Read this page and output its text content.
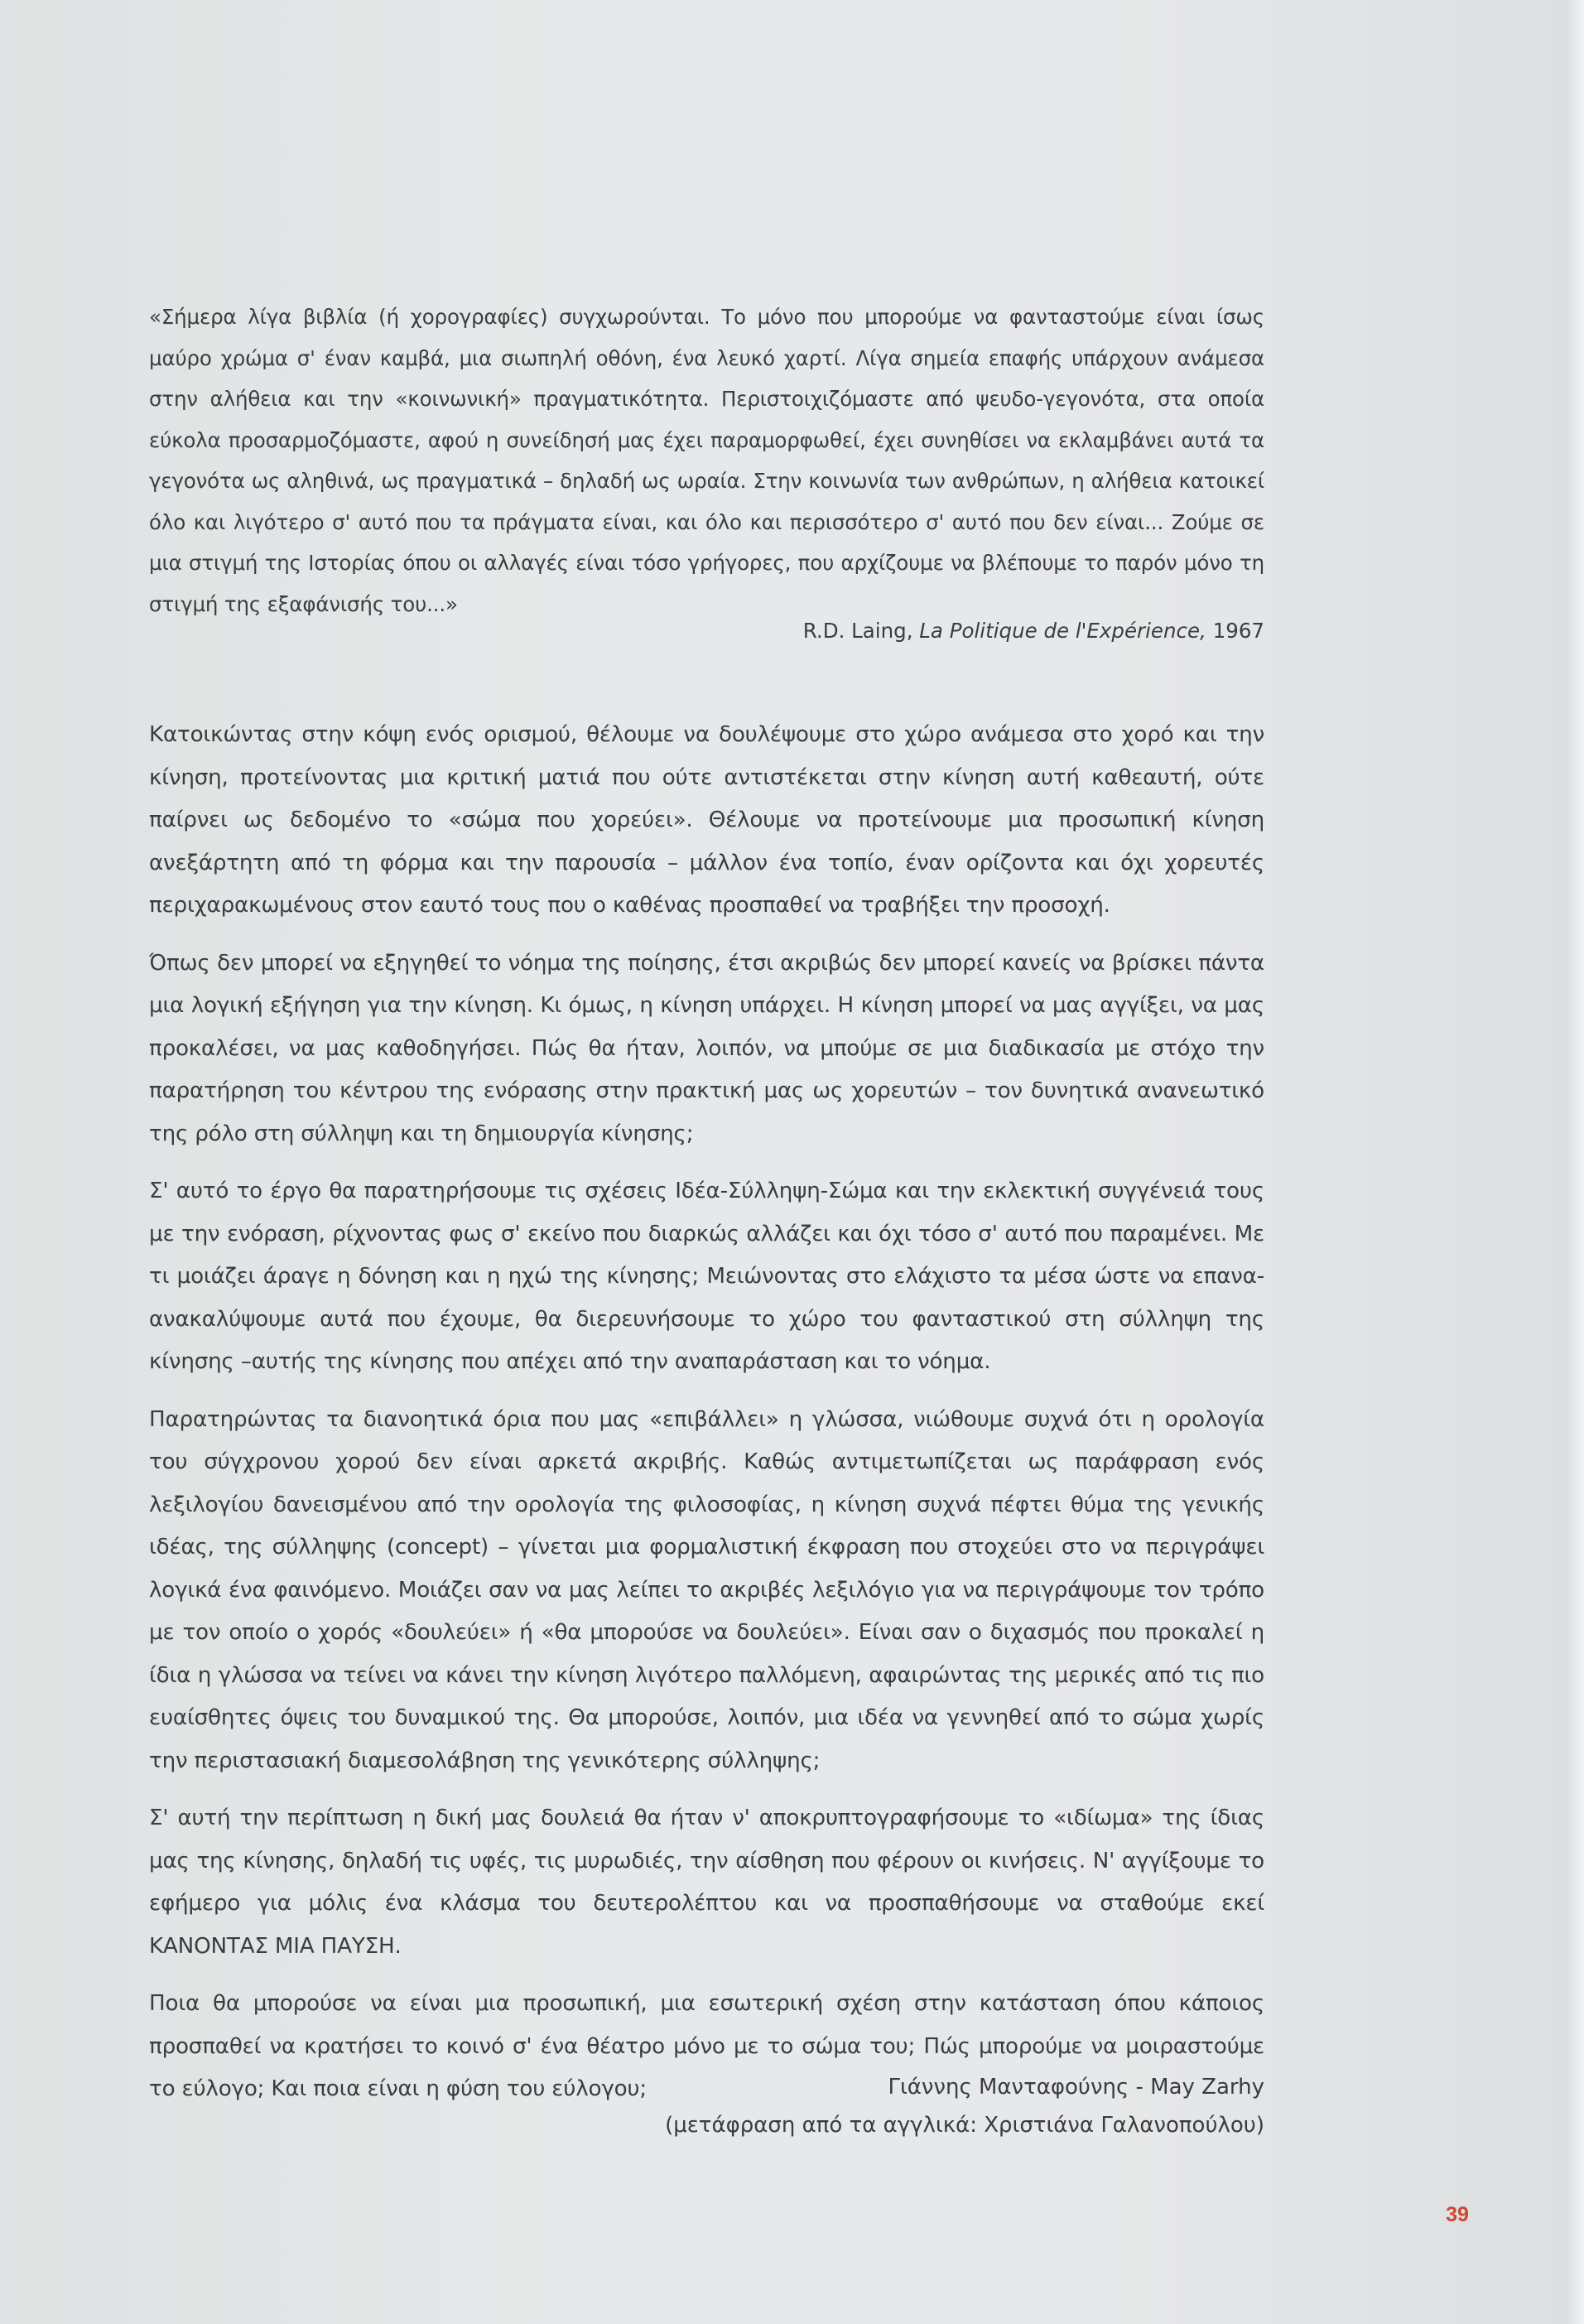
«Σήμερα λίγα βιβλία (ή χορογραφίες) συγχωρούνται. Το μόνο που μπορούμε να φανταστούμε είναι ίσως μαύρο χρώμα σ' έναν καμβά, μια σιωπηλή οθόνη, ένα λευκό χαρτί. Λίγα σημεία επαφής υπάρχουν ανάμεσα στην αλήθεια και την «κοινωνική» πραγματικότητα. Περιστοιχιζόμαστε από ψευδο-γεγονότα, στα οποία εύκολα προσαρμοζόμαστε, αφού η συνείδησή μας έχει παραμορφωθεί, έχει συνηθίσει να εκλαμβάνει αυτά τα γεγονότα ως αληθινά, ως πραγματικά – δηλαδή ως ωραία. Στην κοινωνία των ανθρώπων, η αλήθεια κατοικεί όλο και λιγότερο σ' αυτό που τα πράγματα είναι, και όλο και περισσότερο σ' αυτό που δεν είναι... Ζούμε σε μια στιγμή της Ιστορίας όπου οι αλλαγές είναι τόσο γρήγορες, που αρχίζουμε να βλέπουμε το παρόν μόνο τη στιγμή της εξαφάνισής του...»

R.D. Laing, La Politique de l'Expérience, 1967

Κατοικώντας στην κόψη ενός ορισμού, θέλουμε να δουλέψουμε στο χώρο ανάμεσα στο χορό και την κίνηση, προτείνοντας μια κριτική ματιά που ούτε αντιστέκεται στην κίνηση αυτή καθεαυτή, ούτε παίρνει ως δεδομένο το «σώμα που χορεύει». Θέλουμε να προτείνουμε μια προσωπική κίνηση ανεξάρτητη από τη φόρμα και την παρουσία – μάλλον ένα τοπίο, έναν ορίζοντα και όχι χορευτές περιχαρακωμένους στον εαυτό τους που ο καθένας προσπαθεί να τραβήξει την προσοχή.

Όπως δεν μπορεί να εξηγηθεί το νόημα της ποίησης, έτσι ακριβώς δεν μπορεί κανείς να βρίσκει πάντα μια λογική εξήγηση για την κίνηση. Κι όμως, η κίνηση υπάρχει. Η κίνηση μπορεί να μας αγγίξει, να μας προκαλέσει, να μας καθοδηγήσει. Πώς θα ήταν, λοιπόν, να μπούμε σε μια διαδικασία με στόχο την παρατήρηση του κέντρου της ενόρασης στην πρακτική μας ως χορευτών – τον δυνητικά ανανεωτικό της ρόλο στη σύλληψη και τη δημιουργία κίνησης;

Σ' αυτό το έργο θα παρατηρήσουμε τις σχέσεις Ιδέα-Σύλληψη-Σώμα και την εκλεκτική συγγένειά τους με την ενόραση, ρίχνοντας φως σ' εκείνο που διαρκώς αλλάζει και όχι τόσο σ' αυτό που παραμένει. Με τι μοιάζει άραγε η δόνηση και η ηχώ της κίνησης; Μειώνοντας στο ελάχιστο τα μέσα ώστε να επανα-ανακαλύψουμε αυτά που έχουμε, θα διερευνήσουμε το χώρο του φανταστικού στη σύλληψη της κίνησης –αυτής της κίνησης που απέχει από την αναπαράσταση και το νόημα.

Παρατηρώντας τα διανοητικά όρια που μας «επιβάλλει» η γλώσσα, νιώθουμε συχνά ότι η ορολογία του σύγχρονου χορού δεν είναι αρκετά ακριβής. Καθώς αντιμετωπίζεται ως παράφραση ενός λεξιλογίου δανεισμένου από την ορολογία της φιλοσοφίας, η κίνηση συχνά πέφτει θύμα της γενικής ιδέας, της σύλληψης (concept) – γίνεται μια φορμαλιστική έκφραση που στοχεύει στο να περιγράψει λογικά ένα φαινόμενο. Μοιάζει σαν να μας λείπει το ακριβές λεξιλόγιο για να περιγράψουμε τον τρόπο με τον οποίο ο χορός «δουλεύει» ή «θα μπορούσε να δουλεύει». Είναι σαν ο διχασμός που προκαλεί η ίδια η γλώσσα να τείνει να κάνει την κίνηση λιγότερο παλλόμενη, αφαιρώντας της μερικές από τις πιο ευαίσθητες όψεις του δυναμικού της. Θα μπορούσε, λοιπόν, μια ιδέα να γεννηθεί από το σώμα χωρίς την περιστασιακή διαμεσολάβηση της γενικότερης σύλληψης;

Σ' αυτή την περίπτωση η δική μας δουλειά θα ήταν ν' αποκρυπτογραφήσουμε το «ιδίωμα» της ίδιας μας της κίνησης, δηλαδή τις υφές, τις μυρωδιές, την αίσθηση που φέρουν οι κινήσεις. Ν' αγγίξουμε το εφήμερο για μόλις ένα κλάσμα του δευτερολέπτου και να προσπαθήσουμε να σταθούμε εκεί ΚΑΝΟΝΤΑΣ ΜΙΑ ΠΑΥΣΗ.

Ποια θα μπορούσε να είναι μια προσωπική, μια εσωτερική σχέση στην κατάσταση όπου κάποιος προσπαθεί να κρατήσει το κοινό σ' ένα θέατρο μόνο με το σώμα του; Πώς μπορούμε να μοιραστούμε το εύλογο; Και ποια είναι η φύση του εύλογου;	Γιάννης Μανταφούνης - May Zarhy

(μετάφραση από τα αγγλικά: Χριστιάνα Γαλανοπούλου)

39
